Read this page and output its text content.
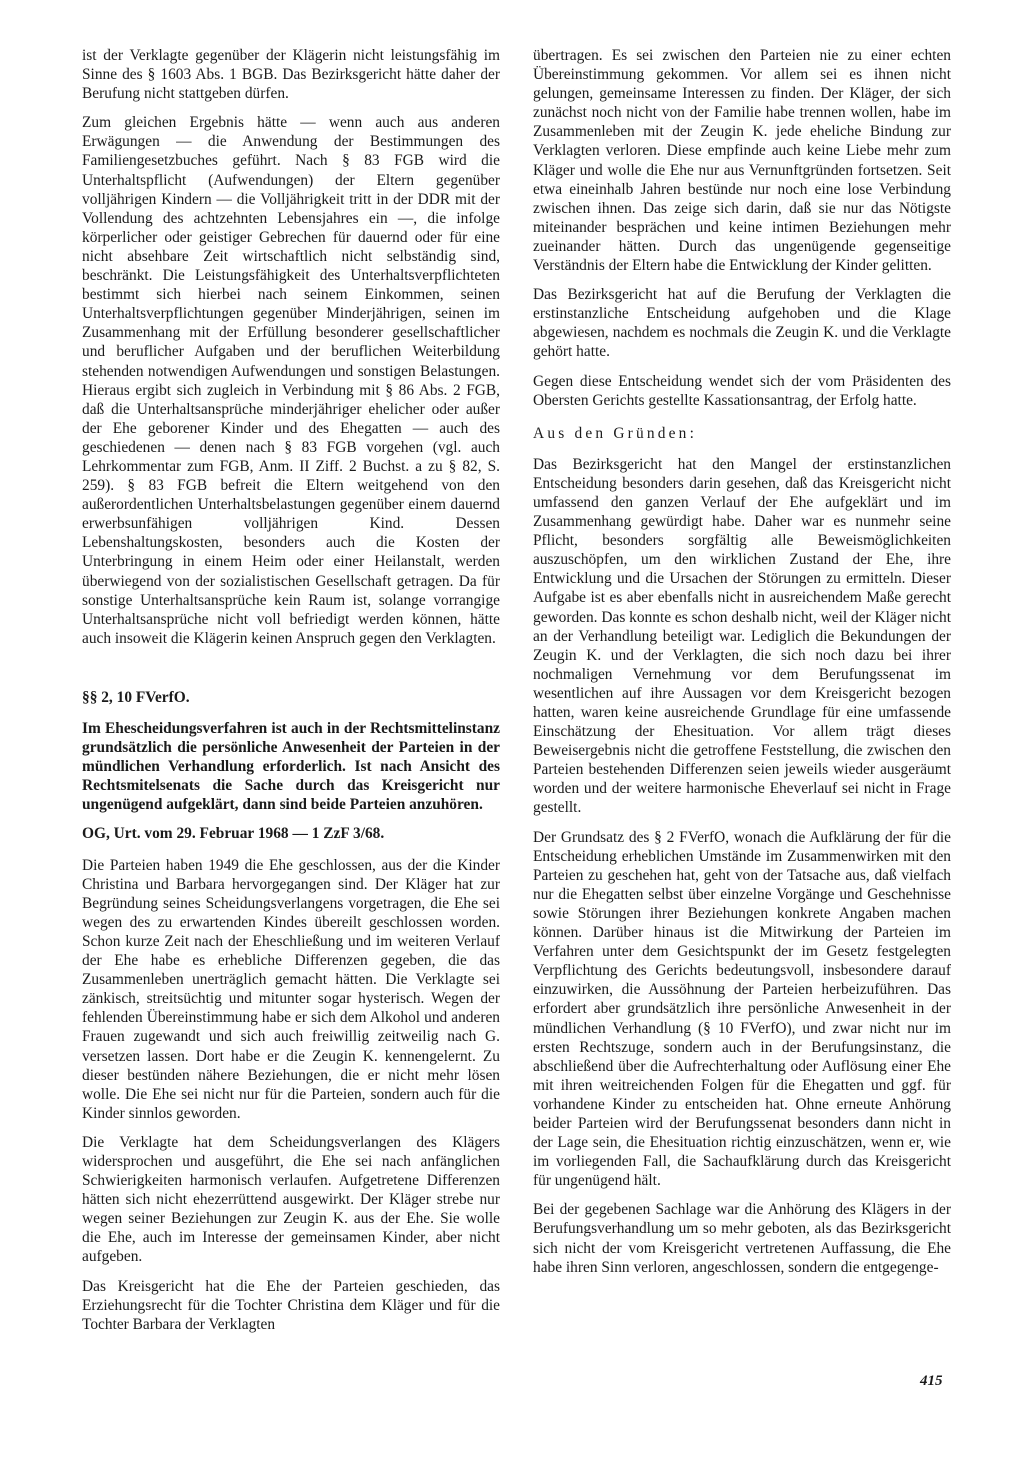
ist der Verklagte gegenüber der Klägerin nicht leistungsfähig im Sinne des § 1603 Abs. 1 BGB. Das Bezirksgericht hätte daher der Berufung nicht stattgeben dürfen.

Zum gleichen Ergebnis hätte — wenn auch aus anderen Erwägungen — die Anwendung der Bestimmungen des Familiengesetzbuches geführt. Nach § 83 FGB wird die Unterhaltspflicht (Aufwendungen) der Eltern gegenüber volljährigen Kindern — die Volljährigkeit tritt in der DDR mit der Vollendung des achtzehnten Lebensjahres ein —, die infolge körperlicher oder geistiger Gebrechen für dauernd oder für eine nicht absehbare Zeit wirtschaftlich nicht selbständig sind, beschränkt. Die Leistungsfähigkeit des Unterhaltsverpflichteten bestimmt sich hierbei nach seinem Einkommen, seinen Unterhaltsverpflichtungen gegenüber Minderjährigen, seinen im Zusammenhang mit der Erfüllung besonderer gesellschaftlicher und beruflicher Aufgaben und der beruflichen Weiterbildung stehenden notwendigen Aufwendungen und sonstigen Belastungen. Hieraus ergibt sich zugleich in Verbindung mit § 86 Abs. 2 FGB, daß die Unterhaltsansprüche minderjähriger ehelicher oder außer der Ehe geborener Kinder und des Ehegatten — auch des geschiedenen — denen nach § 83 FGB vorgehen (vgl. auch Lehrkommentar zum FGB, Anm. II Ziff. 2 Buchst. a zu § 82, S. 259). § 83 FGB befreit die Eltern weitgehend von den außerordentlichen Unterhaltsbelastungen gegenüber einem dauernd erwerbsunfähigen volljährigen Kind. Dessen Lebenshaltungskosten, besonders auch die Kosten der Unterbringung in einem Heim oder einer Heilanstalt, werden überwiegend von der sozialistischen Gesellschaft getragen. Da für sonstige Unterhaltsansprüche kein Raum ist, solange vorrangige Unterhaltsansprüche nicht voll befriedigt werden können, hätte auch insoweit die Klägerin keinen Anspruch gegen den Verklagten.

§§ 2, 10 FVerfO.

Im Ehescheidungsverfahren ist auch in der Rechtsmittelinstanz grundsätzlich die persönliche Anwesenheit der Parteien in der mündlichen Verhandlung erforderlich. Ist nach Ansicht des Rechtsmitelsenats die Sache durch das Kreisgericht nur ungenügend aufgeklärt, dann sind beide Parteien anzuhören.

OG, Urt. vom 29. Februar 1968 — 1 ZzF 3/68.

Die Parteien haben 1949 die Ehe geschlossen, aus der die Kinder Christina und Barbara hervorgegangen sind. Der Kläger hat zur Begründung seines Scheidungsverlangens vorgetragen, die Ehe sei wegen des zu erwartenden Kindes übereilt geschlossen worden. Schon kurze Zeit nach der Eheschließung und im weiteren Verlauf der Ehe habe es erhebliche Differenzen gegeben, die das Zusammenleben unerträglich gemacht hätten. Die Verklagte sei zänkisch, streitsüchtig und mitunter sogar hysterisch. Wegen der fehlenden Übereinstimmung habe er sich dem Alkohol und anderen Frauen zugewandt und sich auch freiwillig zeitweilig nach G. versetzen lassen. Dort habe er die Zeugin K. kennengelernt. Zu dieser bestünden nähere Beziehungen, die er nicht mehr lösen wolle. Die Ehe sei nicht nur für die Parteien, sondern auch für die Kinder sinnlos geworden.

Die Verklagte hat dem Scheidungsverlangen des Klägers widersprochen und ausgeführt, die Ehe sei nach anfänglichen Schwierigkeiten harmonisch verlaufen. Aufgetretene Differenzen hätten sich nicht ehezerrüttend ausgewirkt. Der Kläger strebe nur wegen seiner Beziehungen zur Zeugin K. aus der Ehe. Sie wolle die Ehe, auch im Interesse der gemeinsamen Kinder, aber nicht aufgeben.

Das Kreisgericht hat die Ehe der Parteien geschieden, das Erziehungsrecht für die Tochter Christina dem Kläger und für die Tochter Barbara der Verklagten

übertragen. Es sei zwischen den Parteien nie zu einer echten Übereinstimmung gekommen. Vor allem sei es ihnen nicht gelungen, gemeinsame Interessen zu finden. Der Kläger, der sich zunächst noch nicht von der Familie habe trennen wollen, habe im Zusammenleben mit der Zeugin K. jede eheliche Bindung zur Verklagten verloren. Diese empfinde auch keine Liebe mehr zum Kläger und wolle die Ehe nur aus Vernunftgründen fortsetzen. Seit etwa eineinhalb Jahren bestünde nur noch eine lose Verbindung zwischen ihnen. Das zeige sich darin, daß sie nur das Nötigste miteinander besprächen und keine intimen Beziehungen mehr zueinander hätten. Durch das ungenügende gegenseitige Verständnis der Eltern habe die Entwicklung der Kinder gelitten.

Das Bezirksgericht hat auf die Berufung der Verklagten die erstinstanzliche Entscheidung aufgehoben und die Klage abgewiesen, nachdem es nochmals die Zeugin K. und die Verklagte gehört hatte.

Gegen diese Entscheidung wendet sich der vom Präsidenten des Obersten Gerichts gestellte Kassationsantrag, der Erfolg hatte.

Aus den Gründen:

Das Bezirksgericht hat den Mangel der erstinstanzlichen Entscheidung besonders darin gesehen, daß das Kreisgericht nicht umfassend den ganzen Verlauf der Ehe aufgeklärt und im Zusammenhang gewürdigt habe. Daher war es nunmehr seine Pflicht, besonders sorgfältig alle Beweismöglichkeiten auszuschöpfen, um den wirklichen Zustand der Ehe, ihre Entwicklung und die Ursachen der Störungen zu ermitteln. Dieser Aufgabe ist es aber ebenfalls nicht in ausreichendem Maße gerecht geworden. Das konnte es schon deshalb nicht, weil der Kläger nicht an der Verhandlung beteiligt war. Lediglich die Bekundungen der Zeugin K. und der Verklagten, die sich noch dazu bei ihrer nochmaligen Vernehmung vor dem Berufungssenat im wesentlichen auf ihre Aussagen vor dem Kreisgericht bezogen hatten, waren keine ausreichende Grundlage für eine umfassende Einschätzung der Ehesituation. Vor allem trägt dieses Beweisergebnis nicht die getroffene Feststellung, die zwischen den Parteien bestehenden Differenzen seien jeweils wieder ausgeräumt worden und der weitere harmonische Eheverlauf sei nicht in Frage gestellt.

Der Grundsatz des § 2 FVerfO, wonach die Aufklärung der für die Entscheidung erheblichen Umstände im Zusammenwirken mit den Parteien zu geschehen hat, geht von der Tatsache aus, daß vielfach nur die Ehegatten selbst über einzelne Vorgänge und Geschehnisse sowie Störungen ihrer Beziehungen konkrete Angaben machen können. Darüber hinaus ist die Mitwirkung der Parteien im Verfahren unter dem Gesichtspunkt der im Gesetz festgelegten Verpflichtung des Gerichts bedeutungsvoll, insbesondere darauf einzuwirken, die Aussöhnung der Parteien herbeizuführen. Das erfordert aber grundsätzlich ihre persönliche Anwesenheit in der mündlichen Verhandlung (§ 10 FVerfO), und zwar nicht nur im ersten Rechtszuge, sondern auch in der Berufungsinstanz, die abschließend über die Aufrechterhaltung oder Auflösung einer Ehe mit ihren weitreichenden Folgen für die Ehegatten und ggf. für vorhandene Kinder zu entscheiden hat. Ohne erneute Anhörung beider Parteien wird der Berufungssenat besonders dann nicht in der Lage sein, die Ehesituation richtig einzuschätzen, wenn er, wie im vorliegenden Fall, die Sachaufklärung durch das Kreisgericht für ungenügend hält.

Bei der gegebenen Sachlage war die Anhörung des Klägers in der Berufungsverhandlung um so mehr geboten, als das Bezirksgericht sich nicht der vom Kreisgericht vertretenen Auffassung, die Ehe habe ihren Sinn verloren, angeschlossen, sondern die entgegenge-

415
